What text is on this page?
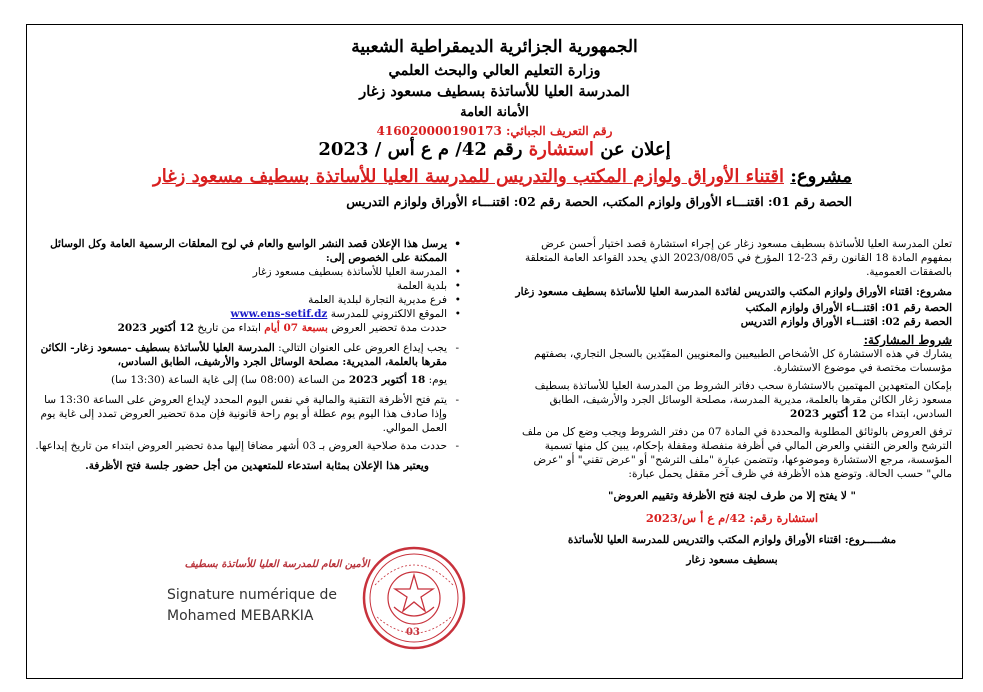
الجمهورية الجزائرية الديمقراطية الشعبية
وزارة التعليم العالي والبحث العلمي
المدرسة العليا للأساتذة بسطيف مسعود زغار
الأمانة العامة
رقم التعريف الجبائي: 416020000190173
إعلان عن استشارة رقم 42/ م ع أس / 2023
مشروع: اقتناء الأوراق ولوازم المكتب والتدريس للمدرسة العليا للأساتذة بسطيف مسعود زغار
الحصة رقم 01: اقتنـــاء الأوراق ولوازم المكتب، الحصة رقم 02: اقتنـــاء الأوراق ولوازم التدريس
تعلن المدرسة العليا للأساتذة بسطيف مسعود زغار عن إجراء استشارة قصد اختيار أحسن عرض بمفهوم المادة 18 القانون رقم 23-12 المؤرخ في 2023/08/05 الذي يحدد القواعد العامة المتعلقة بالصفقات العمومية.
مشروع: اقتناء الأوراق ولوازم المكتب والتدريس لفائدة المدرسة العليا للأساتذة بسطيف مسعود زغار
الحصة رقم 01: اقتنـــاء الأوراق ولوازم المكتب
الحصة رقم 02: اقتنـــاء الأوراق ولوازم التدريس
شروط المشاركة:
يشارك في هذه الاستشارة كل الأشخاص الطبيعيين والمعنويين المقيّدين بالسجل التجاري، بصفتهم مؤسسات مختصة في موضوع الاستشارة.
بإمكان المتعهدين المهتمين بالاستشارة سحب دفاتر الشروط من المدرسة العليا للأساتذة بسطيف مسعود زغار الكائن مقرها بالعلمة، مديرية المدرسة، مصلحة الوسائل الجرد والأرشيف، الطابق السادس، ابتداء من 12 أكتوبر 2023
ترفق العروض بالوثائق المطلوبة والمحددة في المادة 07 من دفتر الشروط ويجب وضع كل من ملف الترشح والعرض التقني والعرض المالي في أظرفة منفصلة ومقفلة بإحكام، يبين كل منها تسمية المؤسسة، مرجع الاستشارة وموضوعها، وتتضمن عبارة "ملف الترشح" أو "عرض تقني" أو "عرض مالي" حسب الحالة. وتوضع هذه الأظرفة في ظرف آخر مقفل يحمل عبارة:
" لا يفتح إلا من طرف لجنة فتح الأظرفة وتقييم العروض"
استشارة رقم: 42/م ع أ س/2023
مشـــــروع: اقتناء الأوراق ولوازم المكتب والتدريس للمدرسة العليا للأساتذة
بسطيف مسعود زغار
• يرسل هذا الإعلان قصد النشر الواسع والعام في لوح المعلقات الرسمية العامة وكل الوسائل الممكنة على الخصوص إلى:
• المدرسة العليا للأساتذة بسطيف مسعود زغار
• بلدية العلمة
• فرع مديرية التجارة لبلدية العلمة
• الموقع الالكتروني للمدرسة www.ens-setif.dz
حددت مدة تحضير العروض بسبعة 07 أيام ابتداء من تاريخ 12 أكتوبر 2023
- يجب إيداع العروض على العنوان التالي: المدرسة العليا للأساتذة بسطيف -مسعود زغار- الكائن مقرها بالعلمة، المديرية: مصلحة الوسائل الجرد والأرشيف، الطابق السادس،
يوم: 18 أكتوبر 2023 من الساعة (08:00 سا) إلى غاية الساعة (13:30 سا)
- يتم فتح الأظرفة التقنية والمالية في نفس اليوم المحدد لإيداع العروض على الساعة 13:30 سا وإذا صادف هذا اليوم يوم عطلة أو يوم راحة قانونية فإن مدة تحضير العروض تمدد إلى غاية يوم العمل الموالي.
- حددت مدة صلاحية العروض بـ 03 أشهر مضافا إليها مدة تحضير العروض ابتداء من تاريخ إيداعها.
ويعتبر هذا الإعلان بمثابة استدعاء للمتعهدين من أجل حضور جلسة فتح الأظرفة.
الأمين العام للمدرسة العليا للأساتذة بسطيف
Signature numérique de
Mohamed MEBARKIA
03
